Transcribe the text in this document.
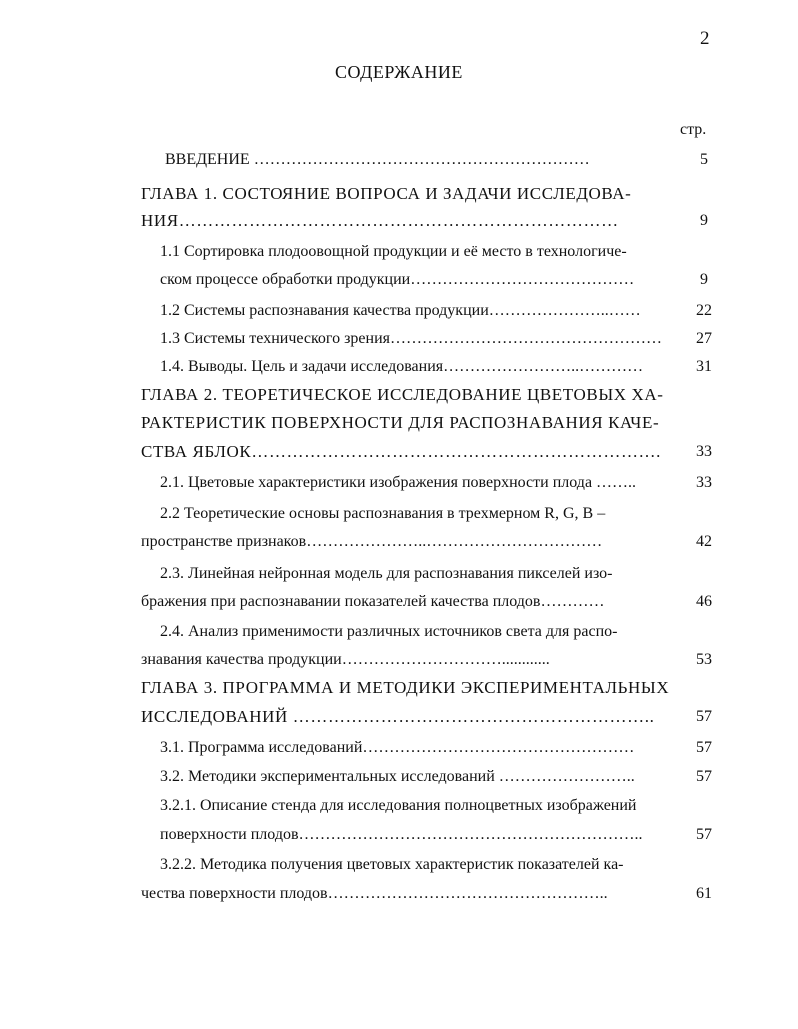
2
СОДЕРЖАНИЕ
стр.
ВВЕДЕНИЕ ………………………………………………………	5
ГЛАВА 1. СОСТОЯНИЕ ВОПРОСА И ЗАДАЧИ ИССЛЕДОВА-
НИЯ…………………………………………………………………	9
1.1 Сортировка плодоовощной продукции и её место в технологиче-
ском процессе обработки продукции……………………………………	9
1.2 Системы распознавания качества продукции…………………..……	22
1.3 Системы технического зрения……………………………………………	27
1.4. Выводы. Цель и задачи исследования……………………..…………	31
ГЛАВА 2. ТЕОРЕТИЧЕСКОЕ ИССЛЕДОВАНИЕ ЦВЕТОВЫХ ХА-
РАКТЕРИСТИК ПОВЕРХНОСТИ ДЛЯ РАСПОЗНАВАНИЯ КАЧЕ-
СТВА ЯБЛОК…………………………………………………………….	33
2.1. Цветовые характеристики изображения поверхности плода ……..	33
2.2 Теоретические основы распознавания в трехмерном R, G, B –
пространстве признаков…………………..……………………………	42
2.3. Линейная нейронная модель для распознавания пикселей изо-
бражения при распознавании показателей качества плодов…………	46
2.4. Анализ применимости различных источников света для распо-
знавания качества продукции…………………………............	53
ГЛАВА 3. ПРОГРАММА И МЕТОДИКИ ЭКСПЕРИМЕНТАЛЬНЫХ
ИССЛЕДОВАНИЙ ……………………………………………………..	57
3.1. Программа исследований……………………………………………	57
3.2. Методики экспериментальных исследований ……………………..	57
3.2.1. Описание стенда для исследования полноцветных изображений
поверхности плодов………………………………………………………..	57
3.2.2. Методика получения цветовых характеристик показателей ка-
чества поверхности плодов……………………………………………..	61
